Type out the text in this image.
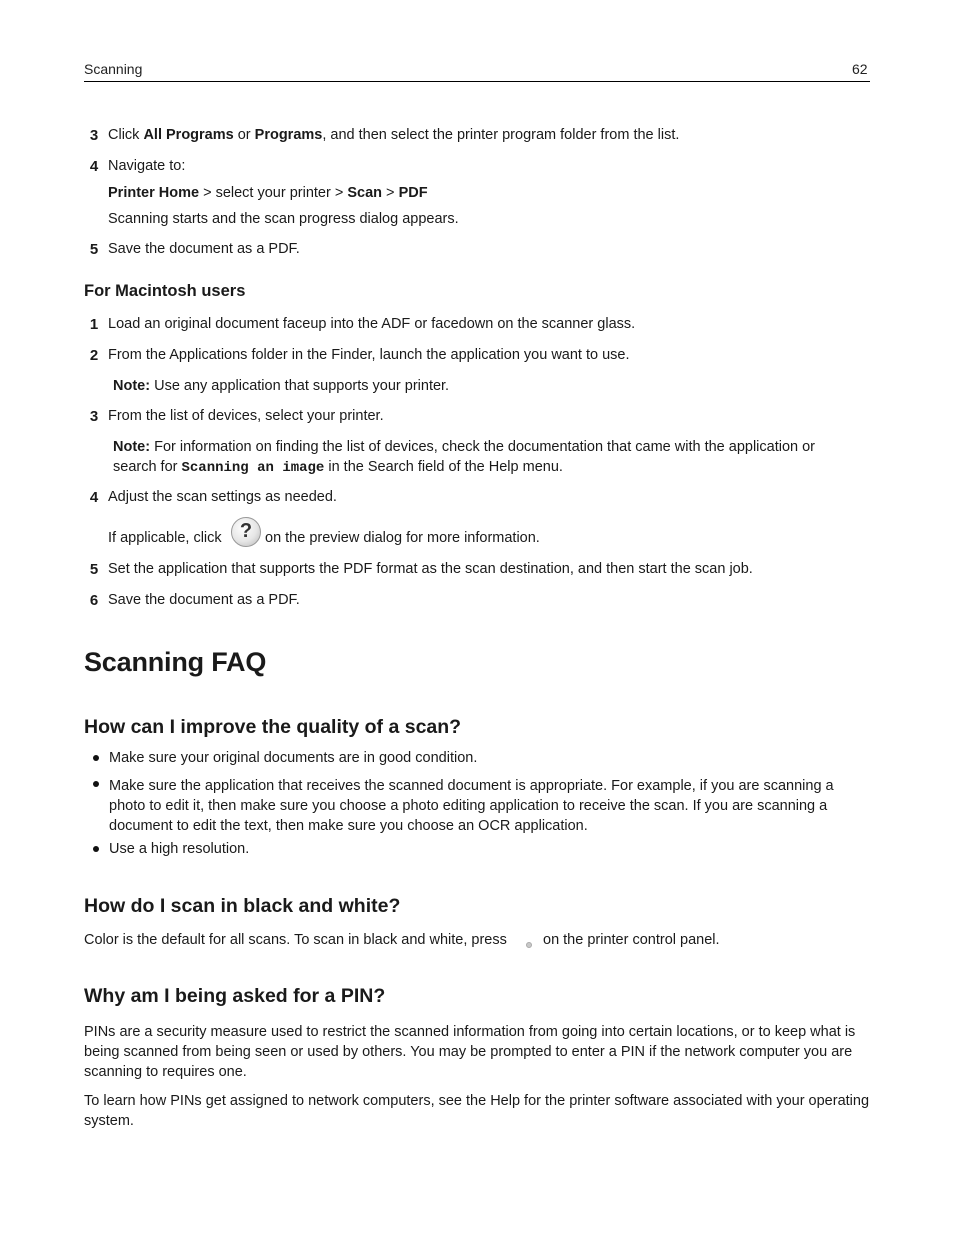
Scanning	62
3 Click All Programs or Programs, and then select the printer program folder from the list.
4 Navigate to:
Printer Home > select your printer > Scan > PDF
Scanning starts and the scan progress dialog appears.
5 Save the document as a PDF.
For Macintosh users
1 Load an original document faceup into the ADF or facedown on the scanner glass.
2 From the Applications folder in the Finder, launch the application you want to use.
Note: Use any application that supports your printer.
3 From the list of devices, select your printer.
Note: For information on finding the list of devices, check the documentation that came with the application or
search for Scanning an image in the Search field of the Help menu.
4 Adjust the scan settings as needed.
If applicable, click ? on the preview dialog for more information.
5 Set the application that supports the PDF format as the scan destination, and then start the scan job.
6 Save the document as a PDF.
Scanning FAQ
How can I improve the quality of a scan?
Make sure your original documents are in good condition.
Make sure the application that receives the scanned document is appropriate. For example, if you are scanning a photo to edit it, then make sure you choose a photo editing application to receive the scan. If you are scanning a document to edit the text, then make sure you choose an OCR application.
Use a high resolution.
How do I scan in black and white?
Color is the default for all scans. To scan in black and white, press on the printer control panel.
Why am I being asked for a PIN?
PINs are a security measure used to restrict the scanned information from going into certain locations, or to keep what is being scanned from being seen or used by others. You may be prompted to enter a PIN if the network computer you are scanning to requires one.
To learn how PINs get assigned to network computers, see the Help for the printer software associated with your operating system.
